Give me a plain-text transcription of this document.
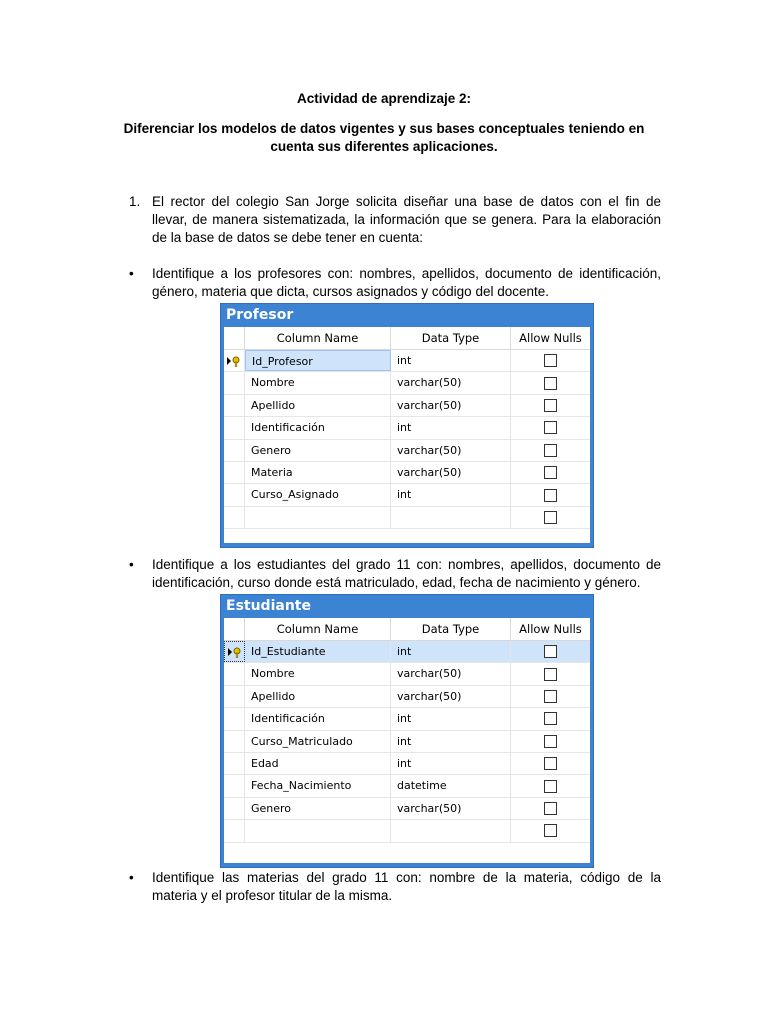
Actividad de aprendizaje 2:
Diferenciar los modelos de datos vigentes y sus bases conceptuales teniendo en cuenta sus diferentes aplicaciones.
1. El rector del colegio San Jorge solicita diseñar una base de datos con el fin de
llevar, de manera sistematizada, la información que se genera. Para la elaboración
de la base de datos se debe tener en cuenta:
• Identifique a los profesores con: nombres, apellidos, documento de identificación,
género, materia que dicta, cursos asignados y código del docente.
Profesor
Column Name	Data Type	Allow Nulls
Id_Profesor	int
Nombre	varchar(50)
Apellido	varchar(50)
Identificación	int
Genero	varchar(50)
Materia	varchar(50)
Curso_Asignado	int
• Identifique a los estudiantes del grado 11 con: nombres, apellidos, documento de
identificación, curso donde está matriculado, edad, fecha de nacimiento y género.
Estudiante
Column Name	Data Type	Allow Nulls
Id_Estudiante	int
Nombre	varchar(50)
Apellido	varchar(50)
Identificación	int
Curso_Matriculado	int
Edad	int
Fecha_Nacimiento	datetime
Genero	varchar(50)
• Identifique las materias del grado 11 con: nombre de la materia, código de la
materia y el profesor titular de la misma.
